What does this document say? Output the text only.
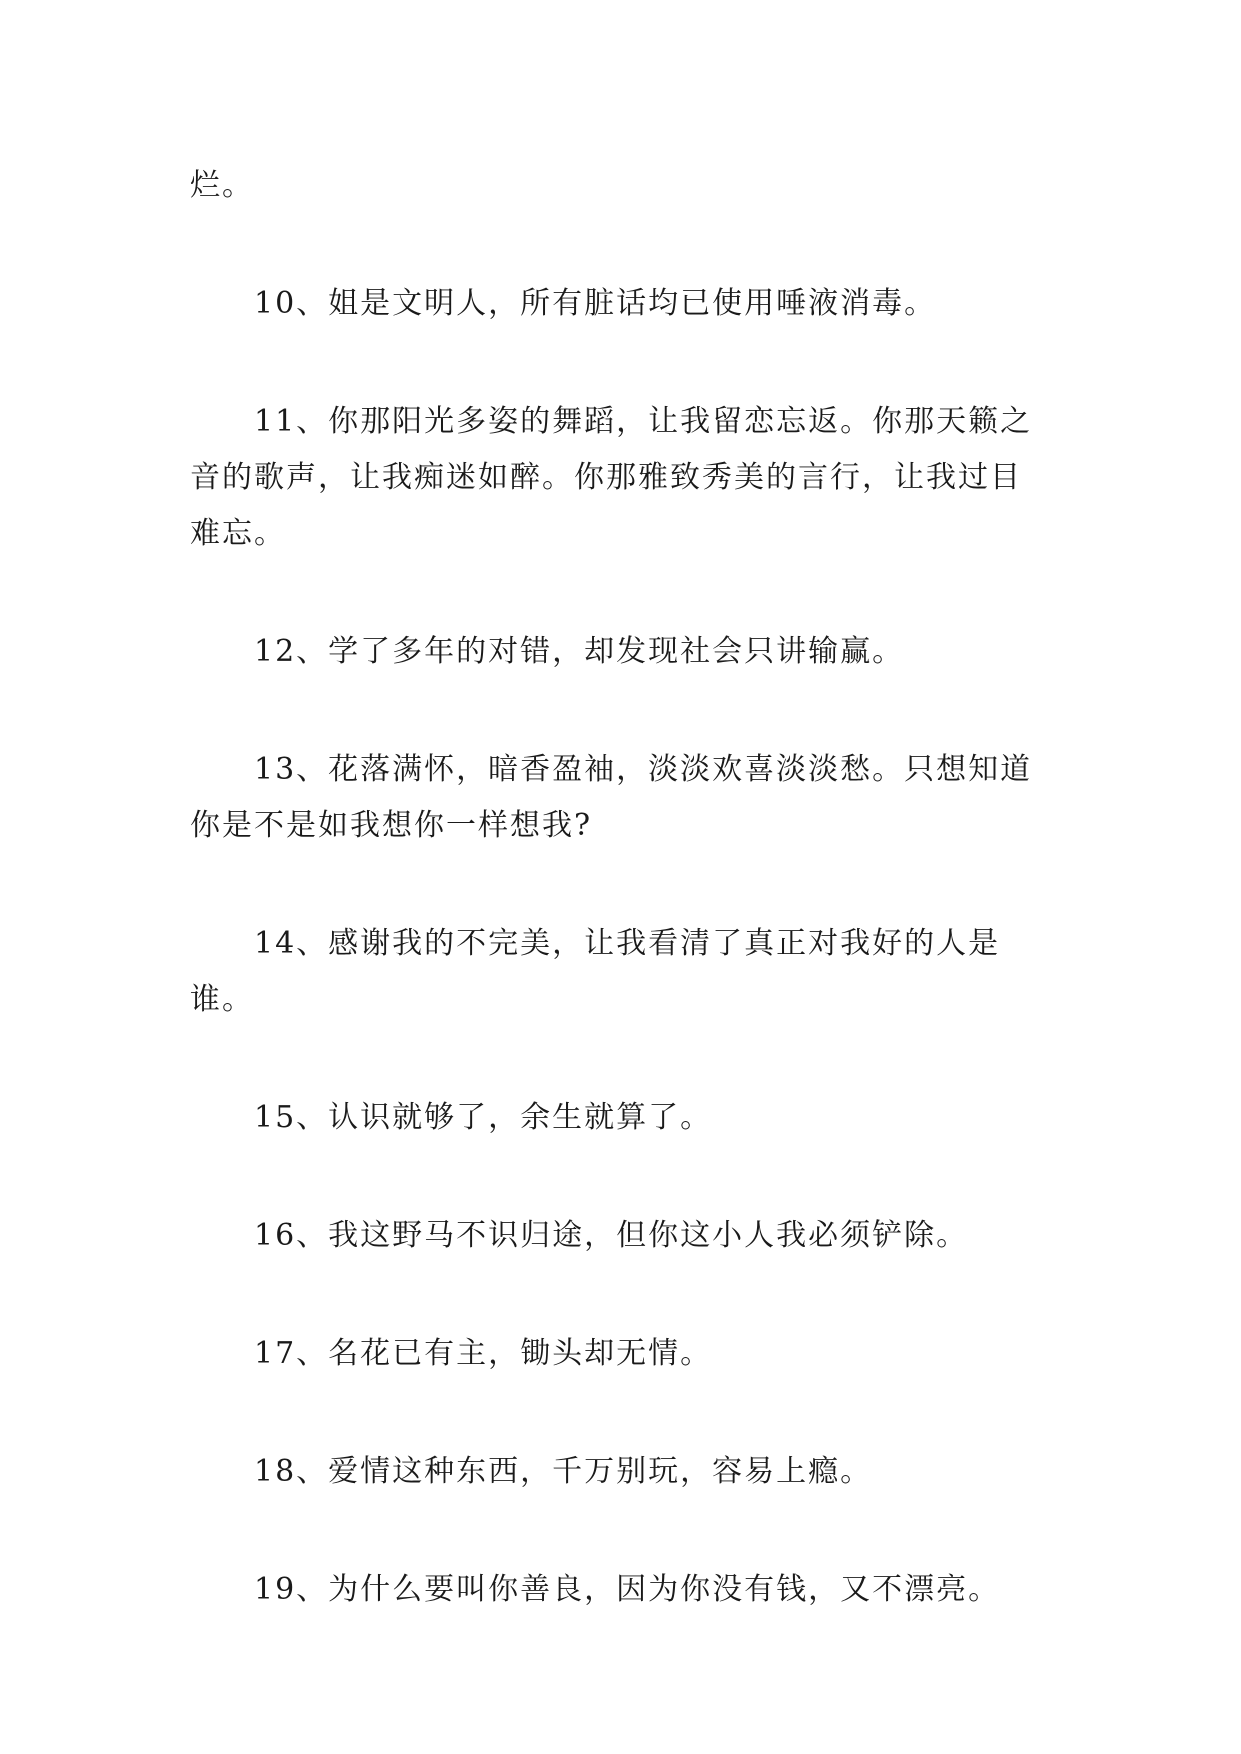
烂。

10、姐是文明人，所有脏话均已使用唾液消毒。

11、你那阳光多姿的舞蹈，让我留恋忘返。你那天籁之音的歌声，让我痴迷如醉。你那雅致秀美的言行，让我过目难忘。

12、学了多年的对错，却发现社会只讲输赢。

13、花落满怀，暗香盈袖，淡淡欢喜淡淡愁。只想知道你是不是如我想你一样想我?

14、感谢我的不完美，让我看清了真正对我好的人是谁。

15、认识就够了，余生就算了。

16、我这野马不识归途，但你这小人我必须铲除。

17、名花已有主，锄头却无情。

18、爱情这种东西，千万别玩，容易上瘾。

19、为什么要叫你善良，因为你没有钱，又不漂亮。
